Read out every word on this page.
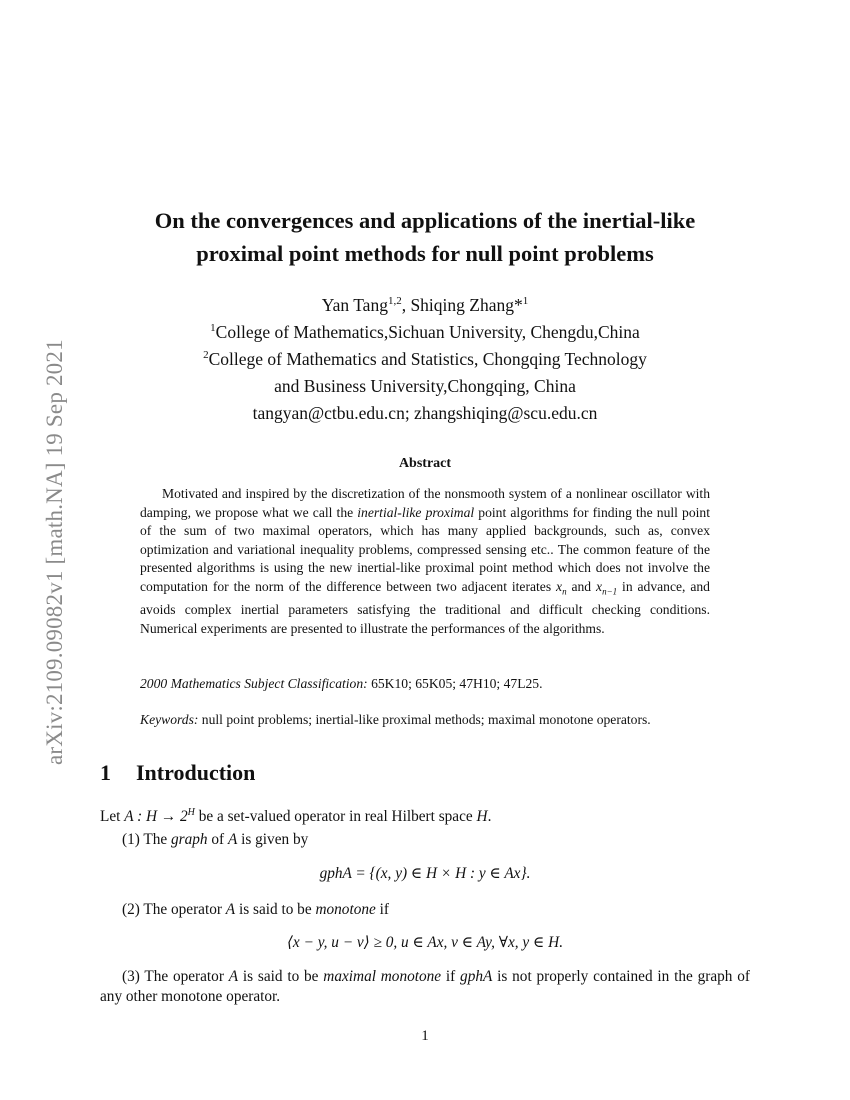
arXiv:2109.09082v1 [math.NA] 19 Sep 2021
On the convergences and applications of the inertial-like
proximal point methods for null point problems
Yan Tang$^{1,2}$, Shiqing Zhang*$^1$
$^1$College of Mathematics,Sichuan University, Chengdu,China
$^2$College of Mathematics and Statistics, Chongqing Technology
and Business University,Chongqing, China
tangyan@ctbu.edu.cn; zhangshiqing@scu.edu.cn
Abstract

Motivated and inspired by the discretization of the nonsmooth system of a nonlinear oscillator with damping, we propose what we call the inertial-like proximal point algorithms for finding the null point of the sum of two maximal operators, which has many applied backgrounds, such as, convex optimization and variational inequality problems, compressed sensing etc.. The common feature of the presented algorithms is using the new inertial-like proximal point method which does not involve the computation for the norm of the difference between two adjacent iterates $x_n$ and $x_{n-1}$ in advance, and avoids complex inertial parameters satisfying the traditional and difficult checking conditions. Numerical experiments are presented to illustrate the performances of the algorithms.

2000 Mathematics Subject Classification: 65K10; 65K05; 47H10; 47L25.
Keywords: null point problems; inertial-like proximal methods; maximal monotone operators.
1 Introduction
Let A : $H \to 2^H$ be a set-valued operator in real Hilbert space H.
(1) The graph of A is given by
gphA = {(x, y) ∈ H × H : y ∈ Ax}.
(2) The operator A is said to be monotone if
⟨x − y, u − v⟩ ≥ 0, u ∈ Ax, v ∈ Ay, ∀x, y ∈ H.
(3) The operator A is said to be maximal monotone if gphA is not properly contained in the graph of any other monotone operator.
1
